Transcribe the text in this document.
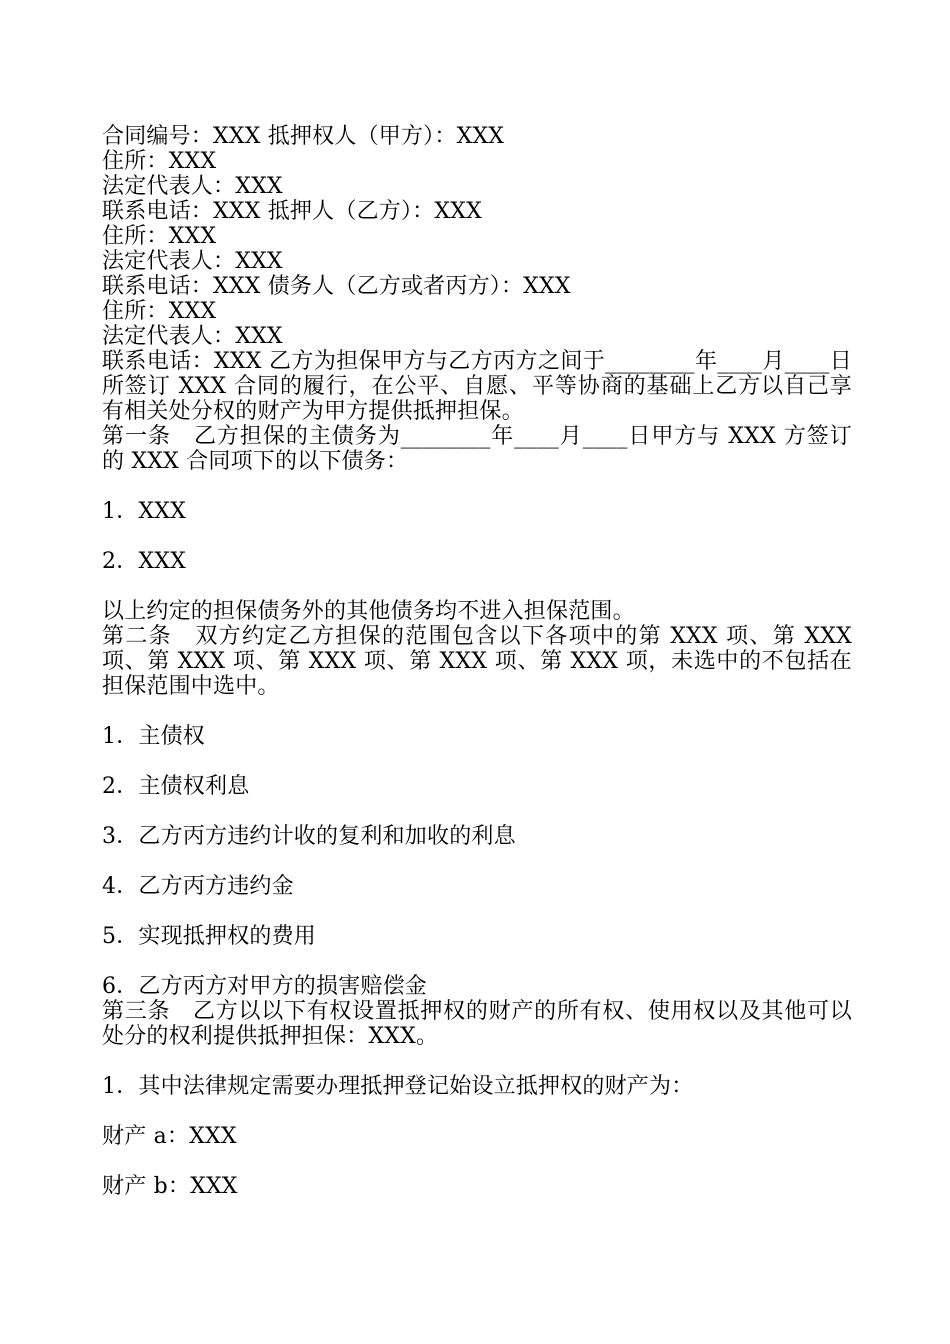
合同编号：XXX 抵押权人（甲方）：XXX
住所：XXX
法定代表人：XXX
联系电话：XXX 抵押人（乙方）：XXX
住所：XXX
法定代表人：XXX
联系电话：XXX 债务人（乙方或者丙方）：XXX
住所：XXX
法定代表人：XXX

联系电话：XXX 乙方为担保甲方与乙方丙方之间于________年____月____日所签订 XXX 合同的履行，在公平、自愿、平等协商的基础上乙方以自己享有相关处分权的财产为甲方提供抵押担保。

第一条　乙方担保的主债务为________年____月____日甲方与 XXX 方签订的 XXX 合同项下的以下债务：

1．XXX
2．XXX
以上约定的担保债务外的其他债务均不进入担保范围。

第二条　双方约定乙方担保的范围包含以下各项中的第 XXX 项、第 XXX 项、第 XXX 项、第 XXX 项、第 XXX 项、第 XXX 项，未选中的不包括在担保范围中选中。

1．主债权
2．主债权利息
3．乙方丙方违约计收的复利和加收的利息
4．乙方丙方违约金
5．实现抵押权的费用
6．乙方丙方对甲方的损害赔偿金

第三条　乙方以以下有权设置抵押权的财产的所有权、使用权以及其他可以处分的权利提供抵押担保：XXX。

1．其中法律规定需要办理抵押登记始设立抵押权的财产为：
财产 a：XXX
财产 b：XXX
